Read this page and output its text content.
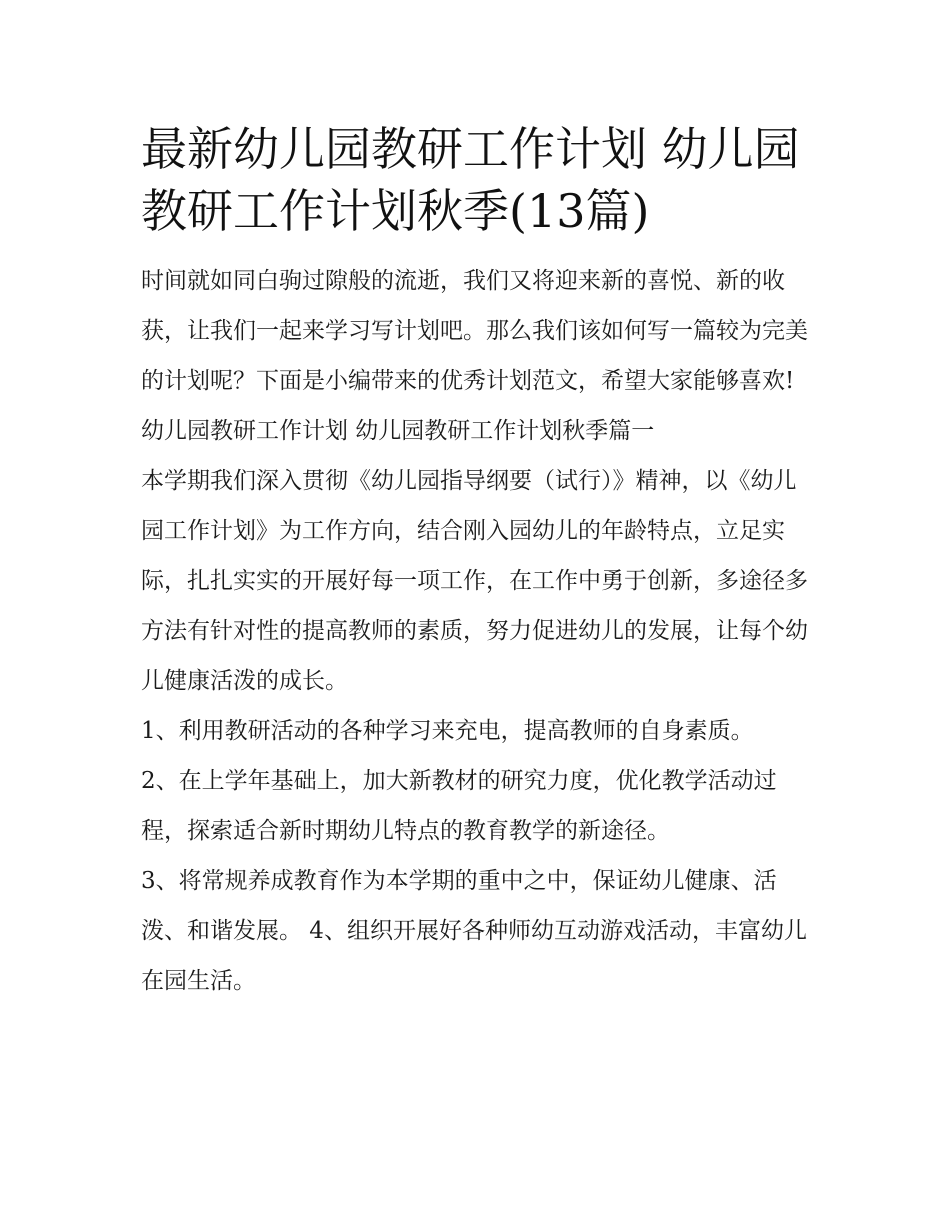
最新幼儿园教研工作计划 幼儿园教研工作计划秋季(13篇)

时间就如同白驹过隙般的流逝，我们又将迎来新的喜悦、新的收获，让我们一起来学习写计划吧。那么我们该如何写一篇较为完美的计划呢？下面是小编带来的优秀计划范文，希望大家能够喜欢!

幼儿园教研工作计划 幼儿园教研工作计划秋季篇一

本学期我们深入贯彻《幼儿园指导纲要（试行）》精神，以《幼儿园工作计划》为工作方向，结合刚入园幼儿的年龄特点，立足实际，扎扎实实的开展好每一项工作，在工作中勇于创新，多途径多方法有针对性的提高教师的素质，努力促进幼儿的发展，让每个幼儿健康活泼的成长。

1、利用教研活动的各种学习来充电，提高教师的自身素质。

2、在上学年基础上，加大新教材的研究力度，优化教学活动过程，探索适合新时期幼儿特点的教育教学的新途径。

3、将常规养成教育作为本学期的重中之中，保证幼儿健康、活泼、和谐发展。 4、组织开展好各种师幼互动游戏活动，丰富幼儿在园生活。
